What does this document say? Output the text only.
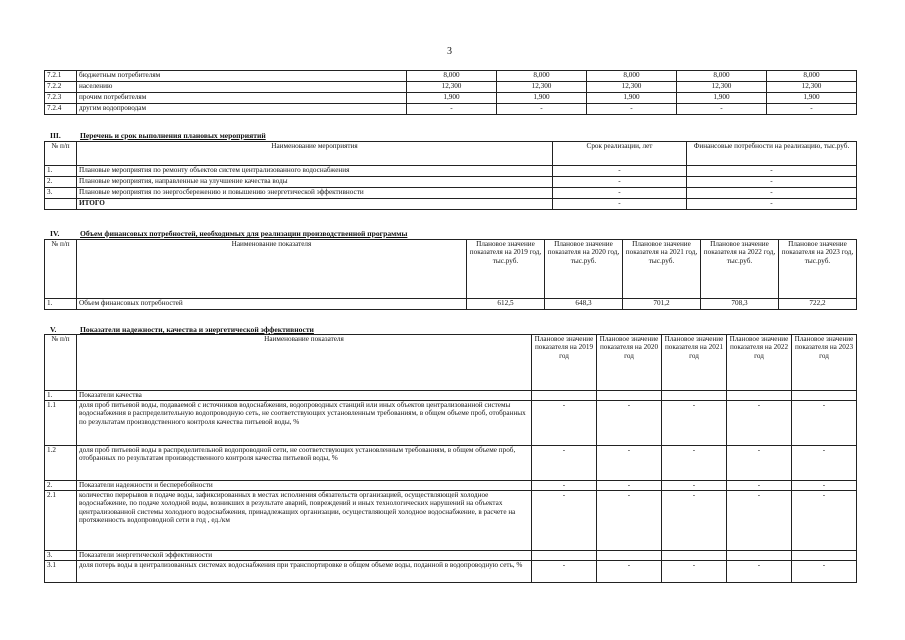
3
7.2.1	бюджетным потребителям	8,000	8,000	8,000	8,000	8,000
7.2.2	населению	12,300	12,300	12,300	12,300	12,300
7.2.3	прочим потребителям	1,900	1,900	1,900	1,900	1,900
7.2.4	другим водопроводам	-	-	-	-	-
III.	Перечень и срок выполнения плановых мероприятий
№ п/п	Наименование мероприятия	Срок реализации, лет	Финансовые потребности на реализацию, тыс.руб.
1.	Плановые мероприятия по ремонту объектов систем централизованного водоснабжения	-	-
2.	Плановые мероприятия, направленные на улучшение качества воды	-	-
3.	Плановые мероприятия по энергосбережению и повышению энергетической эффективности	-	-
	ИТОГО	-	-
IV.	Объем финансовых потребностей, необходимых для реализации производственной программы
№ п/п	Наименование показателя	Плановое значение показателя на 2019 год, тыс.руб.	Плановое значение показателя на 2020 год, тыс.руб.	Плановое значение показателя на 2021 год, тыс.руб.	Плановое значение показателя на 2022 год, тыс.руб.	Плановое значение показателя на 2023 год, тыс.руб.
1.	Объем финансовых потребностей	612,5	648,3	701,2	708,3	722,2
V.	Показатели надежности, качества и энергетической эффективности
№ п/п	Наименование показателя	Плановое значение показателя на 2019 год	Плановое значение показателя на 2020 год	Плановое значение показателя на 2021 год	Плановое значение показателя на 2022 год	Плановое значение показателя на 2023 год
1.	Показатели качества					
1.1	доля проб питьевой воды, подаваемой с источников водоснабжения, водопроводных станций или иных объектов централизованной системы водоснабжения в распределительную водопроводную сеть, не соответствующих установленным требованиям, в общем объеме проб, отобранных по результатам производственного контроля качества питьевой воды, %	-	-	-	-	-
1.2	доля проб питьевой воды в распределительной водопроводной сети, не соответствующих установленным требованиям, в общем объеме проб, отобранных по результатам производственного контроля качества питьевой воды, %	-	-	-	-	-
2.	Показатели надежности и бесперебойности	-	-	-	-	-
2.1	количество перерывов в подаче воды, зафиксированных в местах исполнения обязательств организацией, осуществляющей холодное водоснабжение, по подаче холодной воды, возникших в результате аварий, повреждений и иных технологических нарушений на объектах централизованной системы холодного водоснабжения, принадлежащих организации, осуществляющей холодное водоснабжение, в расчете на протяженность водопроводной сети в год , ед./км	-	-	-	-	-
3.	Показатели энергетической эффективности					
3.1	доля потерь воды в централизованных системах водоснабжения при транспортировке в общем объеме воды, поданной в водопроводную сеть, %	-	-	-	-	-
